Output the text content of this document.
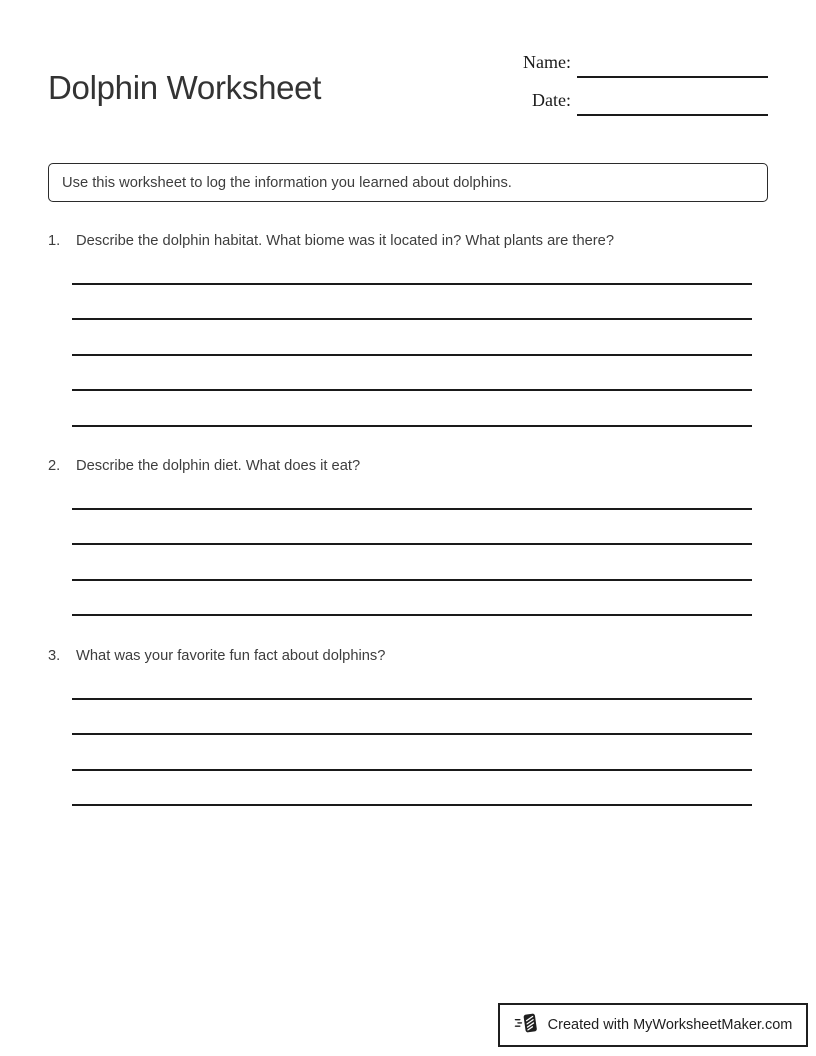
Dolphin Worksheet
Name:
Date:
Use this worksheet to log the information you learned about dolphins.
1.	Describe the dolphin habitat. What biome was it located in? What plants are there?
2.	Describe the dolphin diet. What does it eat?
3.	What was your favorite fun fact about dolphins?
Created with MyWorksheetMaker.com
